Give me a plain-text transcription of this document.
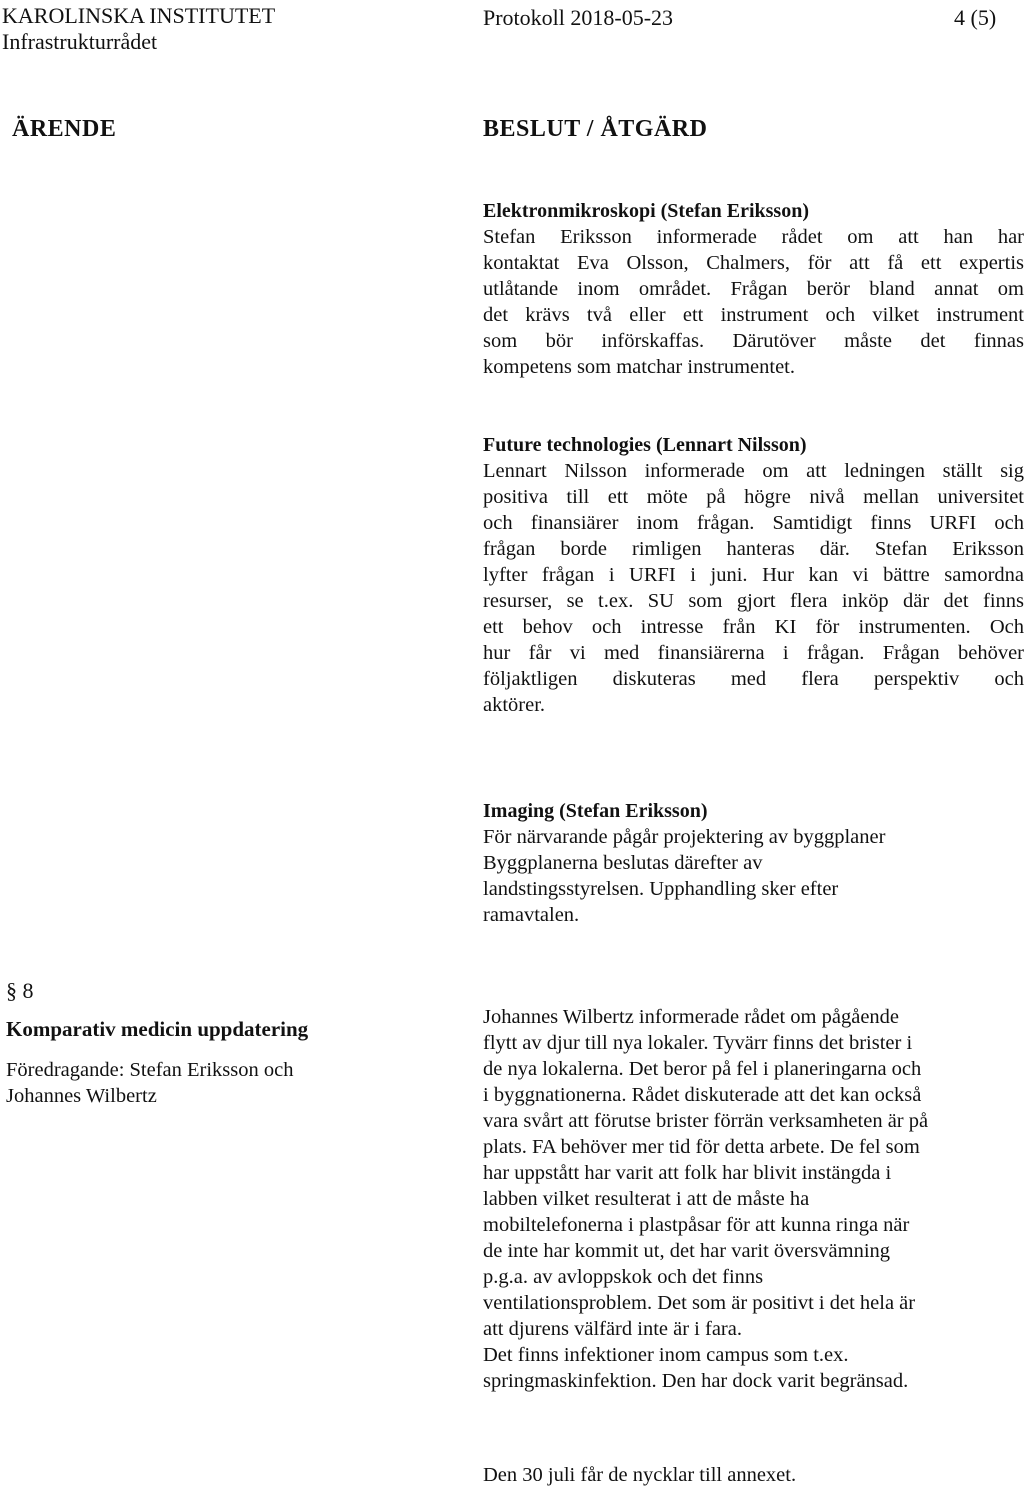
KAROLINSKA INSTITUTET
Infrastrukturrådet
Protokoll 2018-05-23	4 (5)
ÄRENDE	BESLUT / ÅTGÄRD
Elektronmikroskopi (Stefan Eriksson)
Stefan Eriksson informerade rådet om att han har
kontaktat Eva Olsson, Chalmers, för att få ett expertis
utlåtande inom området. Frågan berör bland annat om
det krävs två eller ett instrument och vilket instrument
som bör införskaffas. Därutöver måste det finnas
kompetens som matchar instrumentet.
Future technologies (Lennart Nilsson)
Lennart Nilsson informerade om att ledningen ställt sig
positiva till ett möte på högre nivå mellan universitet
och finansiärer inom frågan. Samtidigt finns URFI och
frågan borde rimligen hanteras där. Stefan Eriksson
lyfter frågan i URFI i juni. Hur kan vi bättre samordna
resurser, se t.ex. SU som gjort flera inköp där det finns
ett behov och intresse från KI för instrumenten. Och
hur får vi med finansiärerna i frågan. Frågan behöver
följaktligen diskuteras med flera perspektiv och
aktörer.
Imaging (Stefan Eriksson)
För närvarande pågår projektering av byggplaner
Byggplanerna beslutas därefter av
landstingsstyrelsen. Upphandling sker efter
ramavtalen.
§ 8
Komparativ medicin uppdatering
Föredragande: Stefan Eriksson och
Johannes Wilbertz
Johannes Wilbertz informerade rådet om pågående
flytt av djur till nya lokaler. Tyvärr finns det brister i
de nya lokalerna. Det beror på fel i planeringarna och
i byggnationerna. Rådet diskuterade att det kan också
vara svårt att förutse brister förrän verksamheten är på
plats. FA behöver mer tid för detta arbete. De fel som
har uppstått har varit att folk har blivit instängda i
labben vilket resulterat i att de måste ha
mobiltelefonerna i plastpåsar för att kunna ringa när
de inte har kommit ut, det har varit översvämning
p.g.a. av avloppskok och det finns
ventilationsproblem. Det som är positivt i det hela är
att djurens välfärd inte är i fara.
Det finns infektioner inom campus som t.ex.
springmaskinfektion. Den har dock varit begränsad.
Den 30 juli får de nycklar till annexet.
